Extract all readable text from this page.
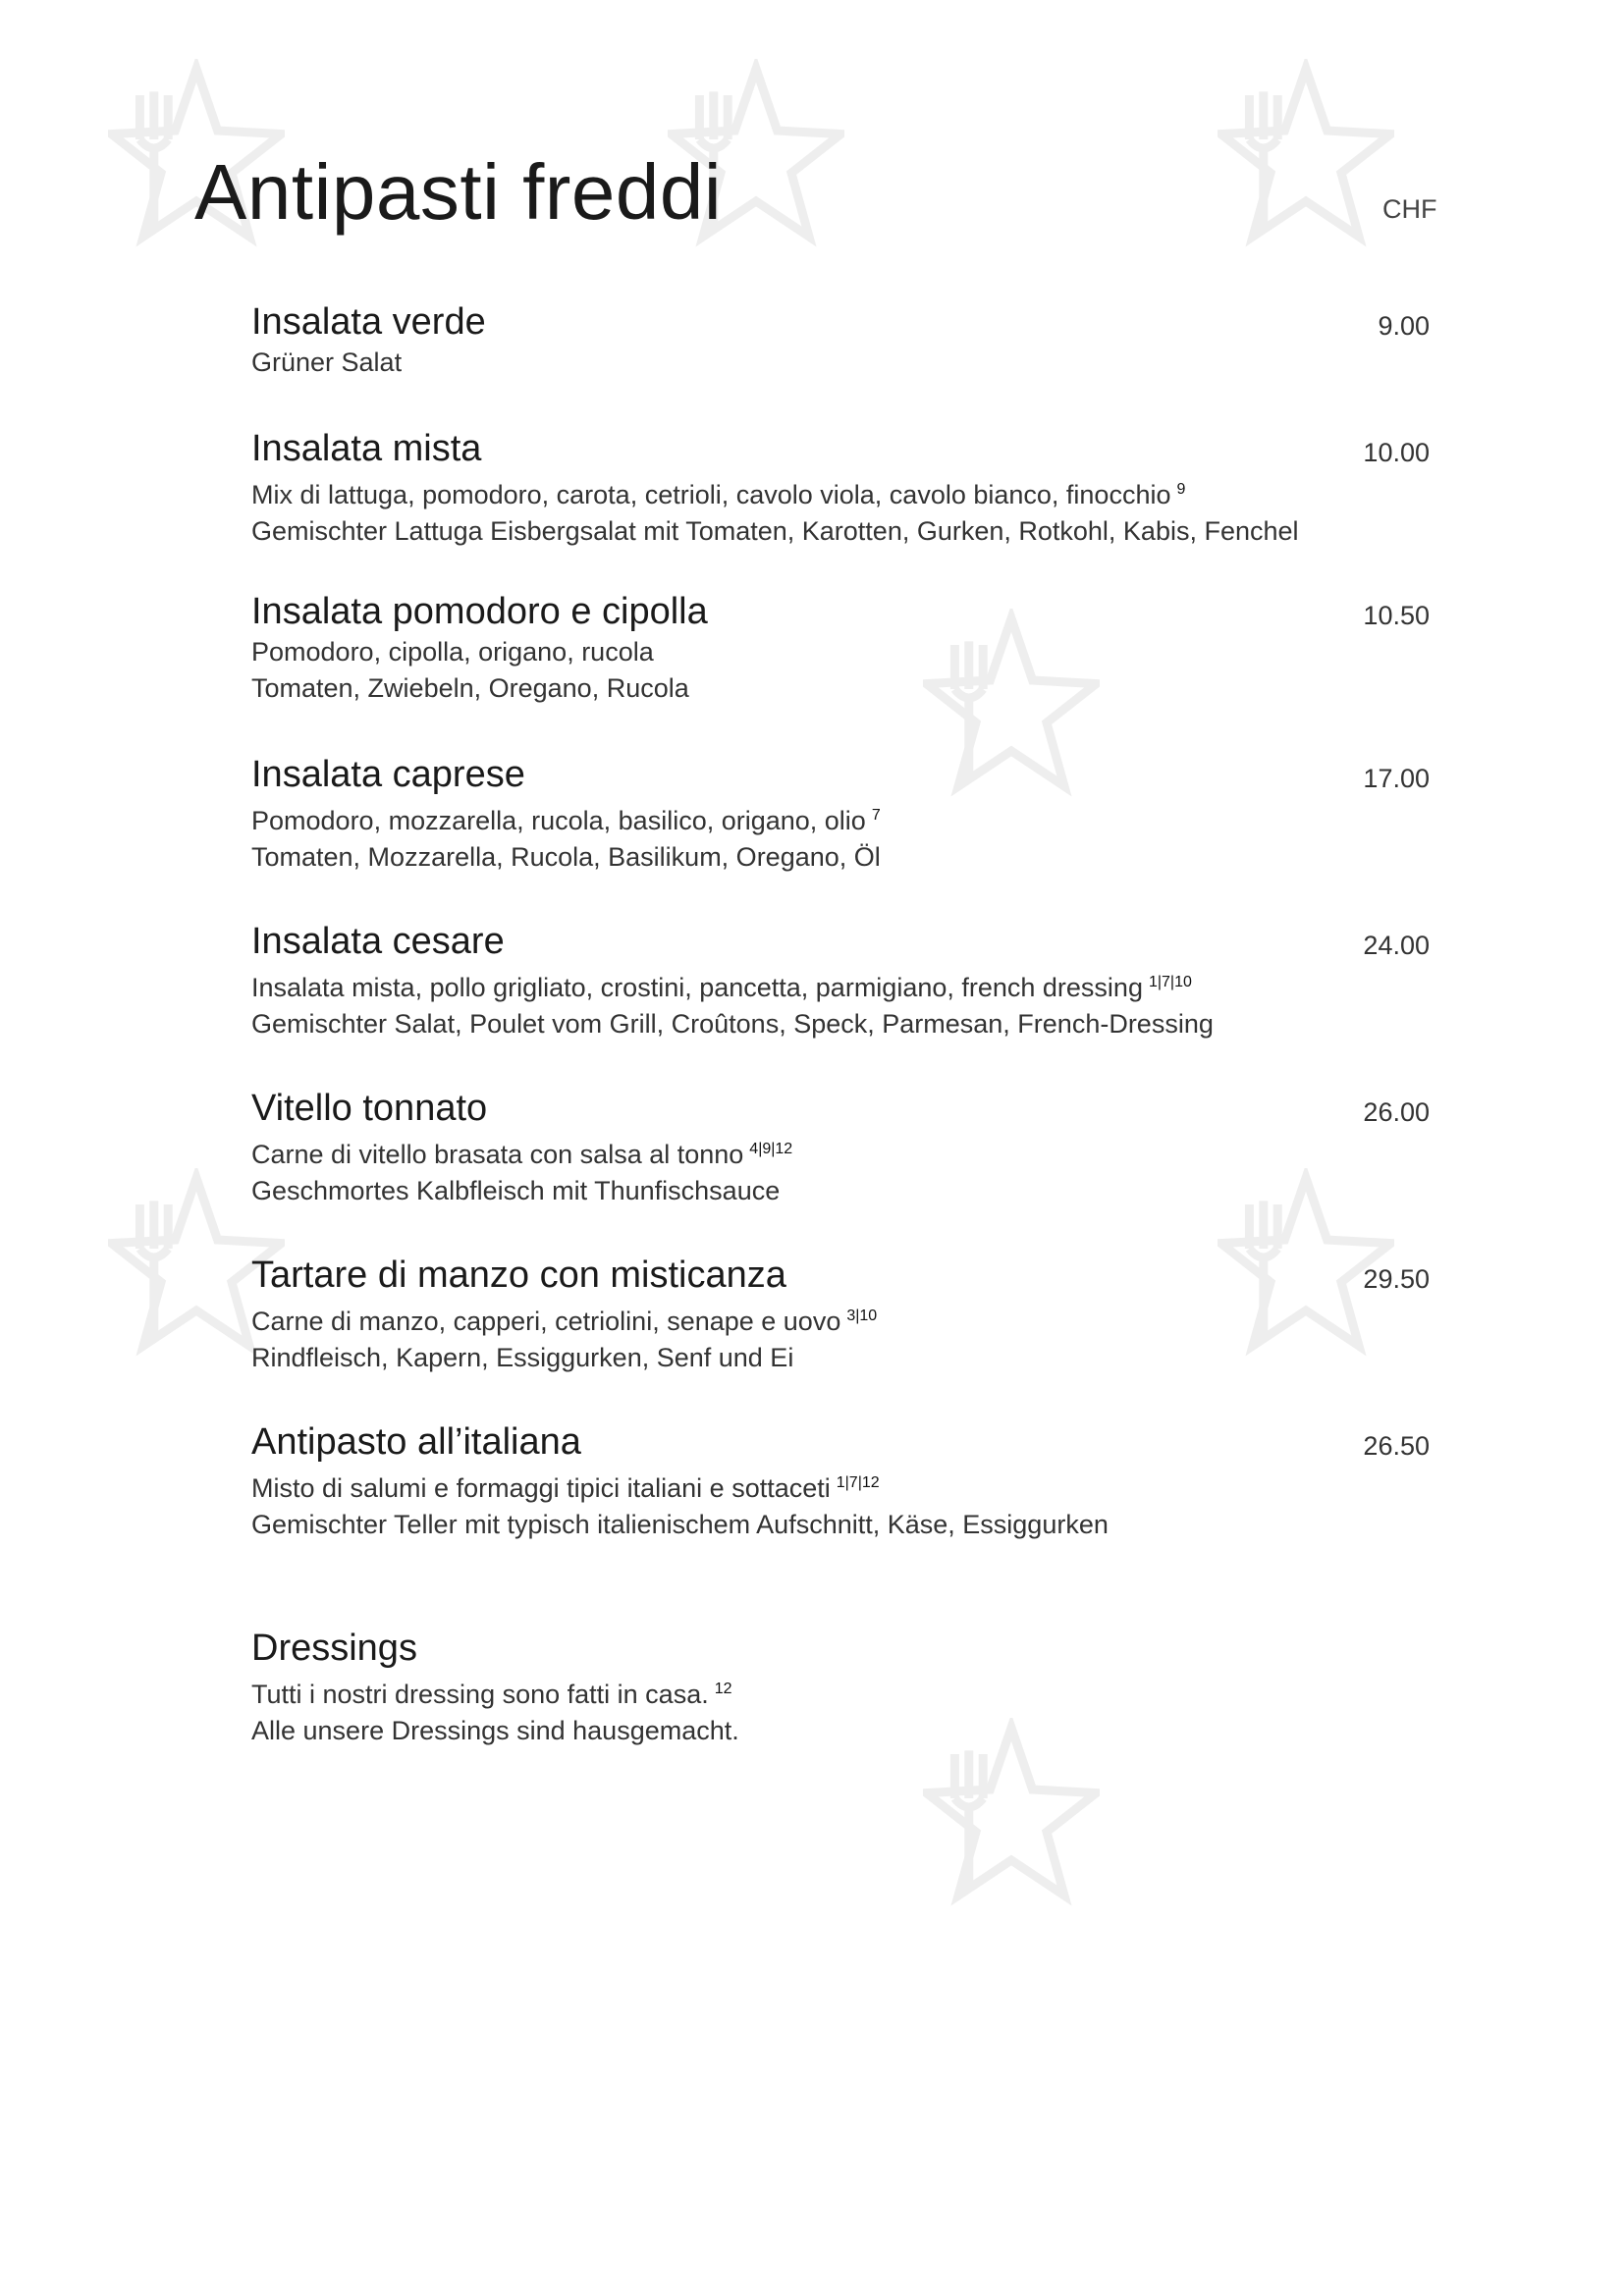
Antipasti freddi	CHF
Insalata verde	9.00
Grüner Salat
Insalata mista	10.00
Mix di lattuga, pomodoro, carota, cetrioli, cavolo viola, cavolo bianco, finocchio $^9$
Gemischter Lattuga Eisbergsalat mit Tomaten, Karotten, Gurken, Rotkohl, Kabis, Fenchel
Insalata pomodoro e cipolla	10.50
Pomodoro, cipolla, origano, rucola
Tomaten, Zwiebeln, Oregano, Rucola
Insalata caprese	17.00
Pomodoro, mozzarella, rucola, basilico, origano, olio $^7$
Tomaten, Mozzarella, Rucola, Basilikum, Oregano, Öl
Insalata cesare	24.00
Insalata mista, pollo grigliato, crostini, pancetta, parmigiano, french dressing $^{1|7|10}$
Gemischter Salat, Poulet vom Grill, Croûtons, Speck, Parmesan, French-Dressing
Vitello tonnato	26.00
Carne di vitello brasata con salsa al tonno $^{4|9|12}$
Geschmortes Kalbfleisch mit Thunfischsauce
Tartare di manzo con misticanza	29.50
Carne di manzo, capperi, cetriolini, senape e uovo $^{3|10}$
Rindfleisch, Kapern, Essiggurken, Senf und Ei
Antipasto all’italiana	26.50
Misto di salumi e formaggi tipici italiani e sottaceti $^{1|7|12}$
Gemischter Teller mit typisch italienischem Aufschnitt, Käse, Essiggurken
Dressings
Tutti i nostri dressing sono fatti in casa. $^{12}$
Alle unsere Dressings sind hausgemacht.
